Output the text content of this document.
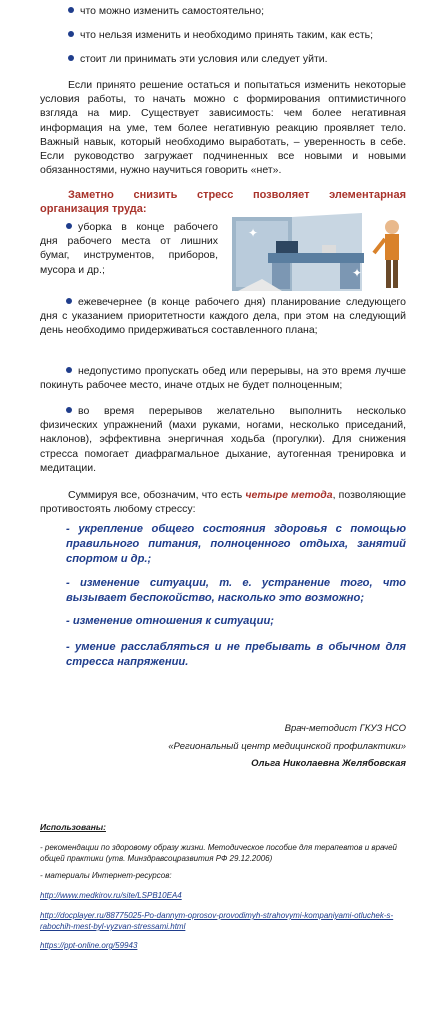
что можно изменить самостоятельно;
что нельзя изменить и необходимо принять таким, как есть;
стоит ли принимать эти условия или следует уйти.
Если принято решение остаться и попытаться изменить некоторые условия работы, то начать можно с формирования оптимистичного взгляда на мир. Существует зависимость: чем более негативная информация на уме, тем более негативную реакцию проявляет тело. Важный навык, который необходимо выработать, – уверенность в себе. Если руководство загружает подчиненных все новыми и новыми обязанностями, нужно научиться говорить «нет».
Заметно снизить стресс позволяет элементарная организация труда:
✦
✦
уборка в конце рабочего дня рабочего места от лишних бумаг, инструментов, приборов, мусора и др.;
ежевечернее (в конце рабочего дня) планирование следующего дня с указанием приоритетности каждого дела, при этом на следующий день необходимо придерживаться составленного плана;
недопустимо пропускать обед или перерывы, на это время лучше покинуть рабочее место, иначе отдых не будет полноценным;
во время перерывов желательно выполнить несколько физических упражнений (махи руками, ногами, несколько приседаний, наклонов), эффективна энергичная ходьба (прогулки). Для снижения стресса помогает диафрагмальное дыхание, аутогенная тренировка и медитации.
Суммируя все, обозначим, что есть четыре метода, позволяющие противостоять любому стрессу:
- укрепление общего состояния здоровья с помощью правильного питания, полноценного отдыха, занятий спортом и др.;
- изменение ситуации, т. е. устранение того, что вызывает беспокойство, насколько это возможно;
- изменение отношения к ситуации;
- умение расслабляться и не пребывать в обычном для стресса напряжении.
Врач-методист ГКУЗ НСО
«Региональный центр медицинской профилактики»
Ольга Николаевна Желябовская
Использованы:
- рекомендации по здоровому образу жизни. Методическое пособие для терапевтов и врачей общей практики (утв. Минздравсоцразвития РФ 29.12.2006)
- материалы Интернет-ресурсов:
http://www.medkirov.ru/site/LSPB10EA4
http://docplayer.ru/88775025-Po-dannym-oprosov-provodimyh-strahovymi-kompaniyami-otluchek-s-rabochih-mest-byl-vyzvan-stressami.html
https://ppt-online.org/59943
